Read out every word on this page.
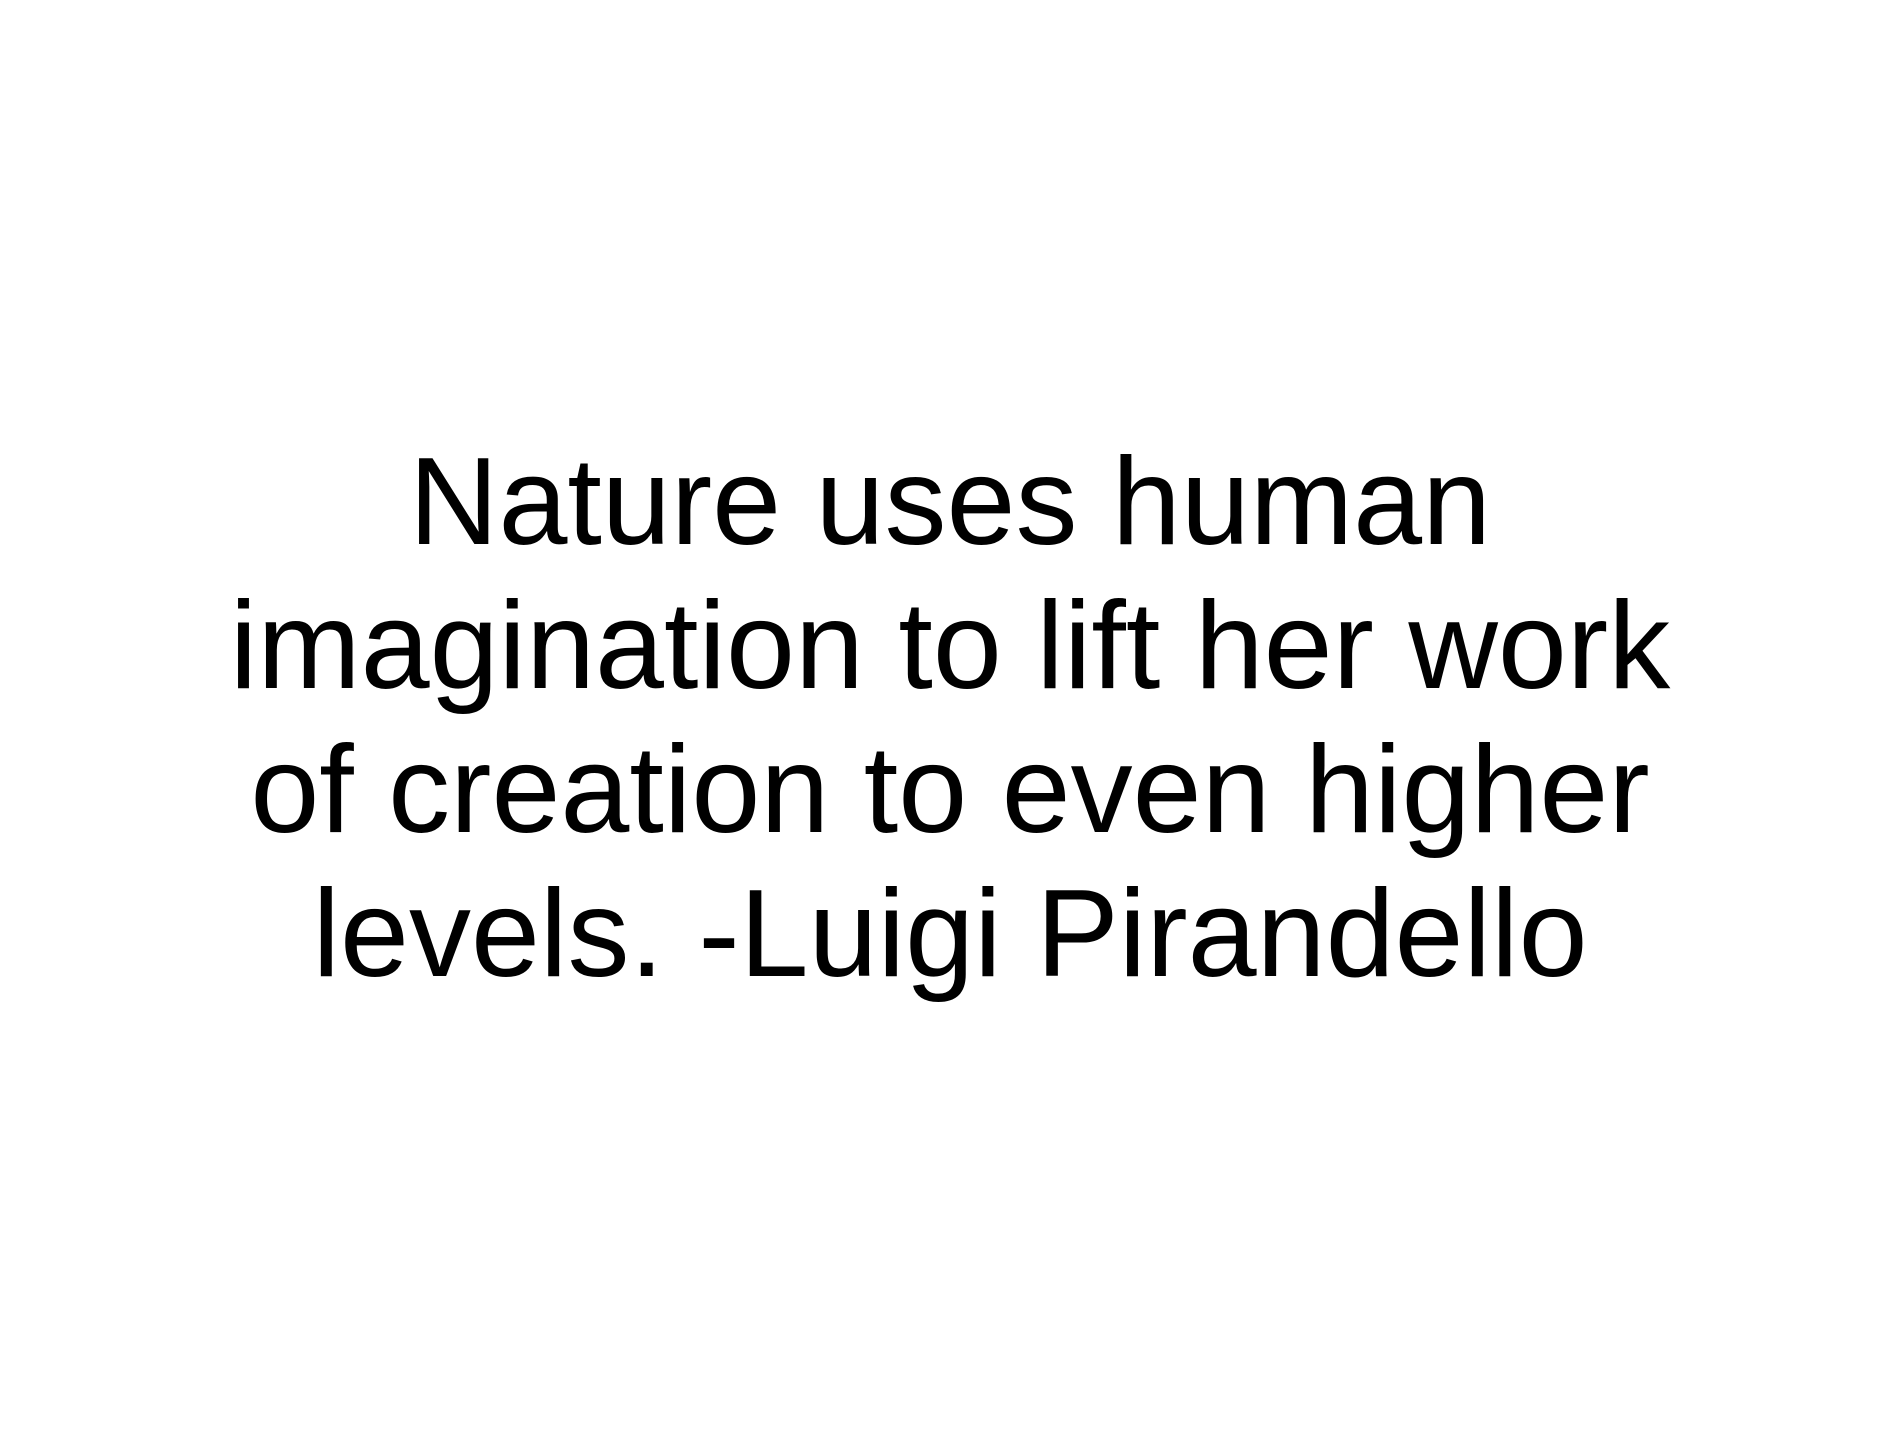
Nature uses human
imagination to lift her work
of creation to even higher
levels. -Luigi Pirandello
